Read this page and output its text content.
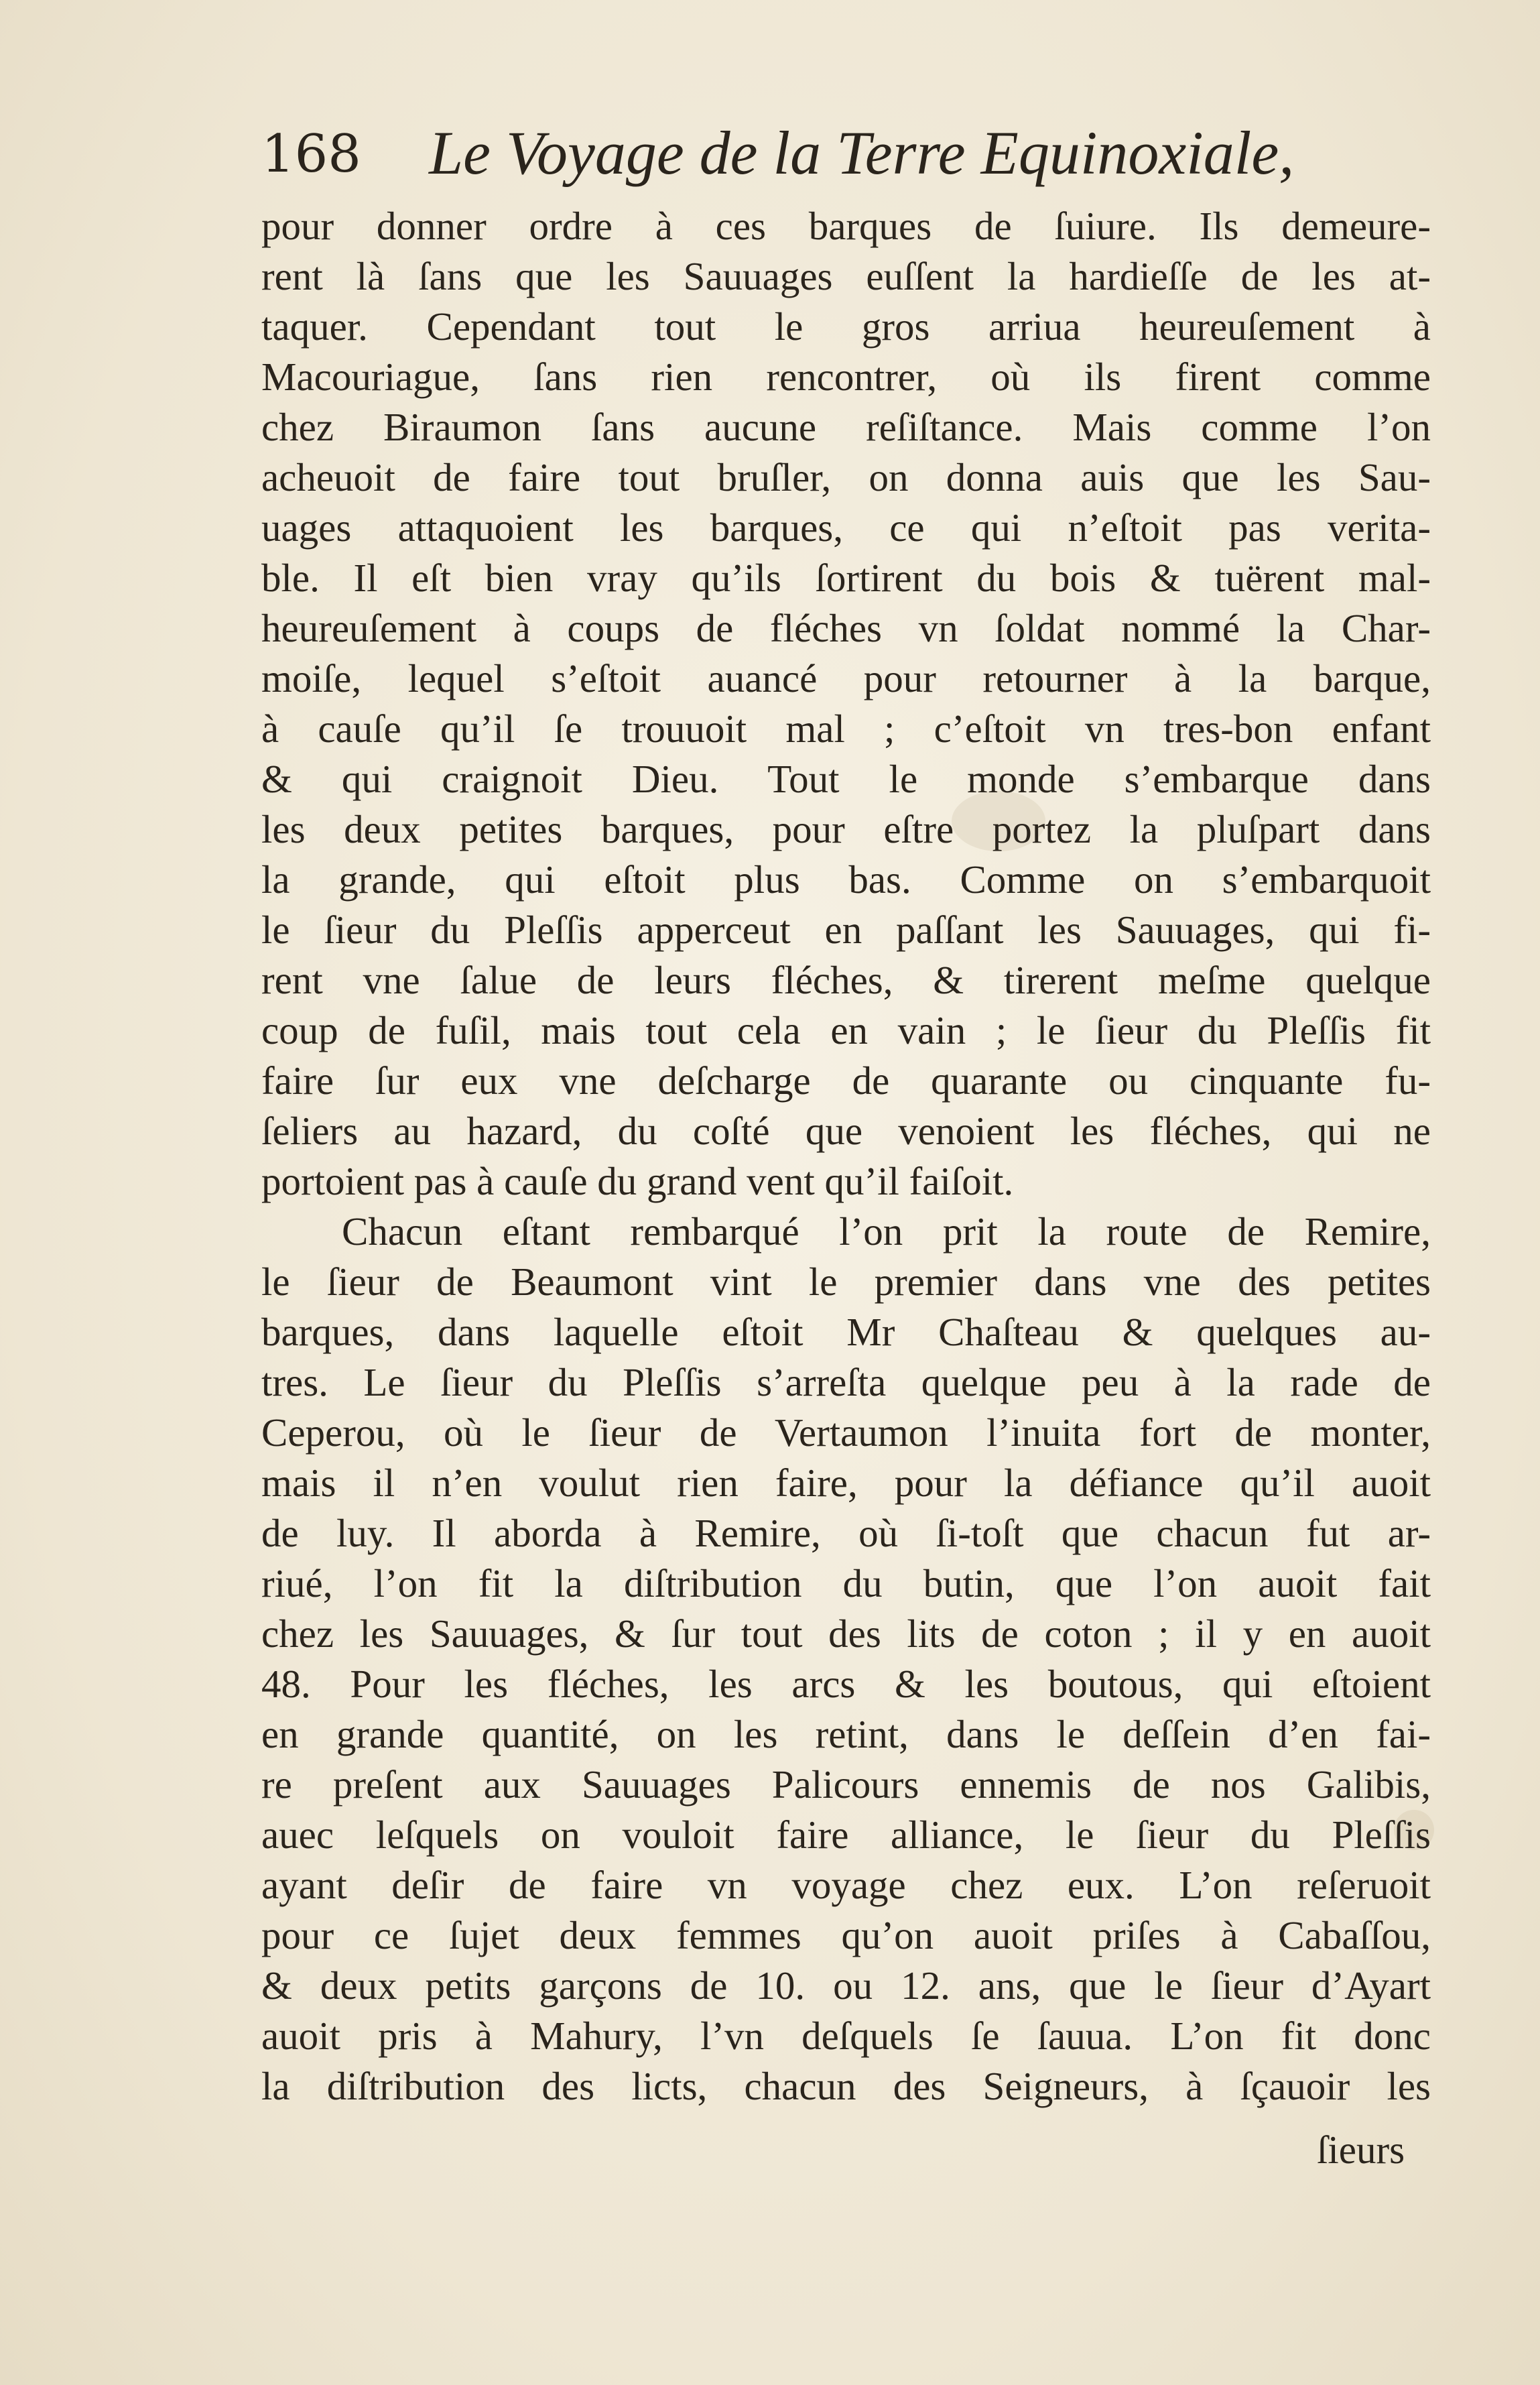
168 Le Voyage de la Terre Equinoxiale,
pour donner ordre à ces barques de ſuiure. Ils demeure-
rent là ſans que les Sauuages euſſent la hardieſſe de les at-
taquer. Cependant tout le gros arriua heureuſement à
Macouriague, ſans rien rencontrer, où ils firent comme
chez Biraumon ſans aucune reſiſtance. Mais comme l’on
acheuoit de faire tout bruſler, on donna auis que les Sau-
uages attaquoient les barques, ce qui n’eſtoit pas verita-
ble. Il eſt bien vray qu’ils ſortirent du bois & tuërent mal-
heureuſement à coups de fléches vn ſoldat nommé la Char-
moiſe, lequel s’eſtoit auancé pour retourner à la barque,
à cauſe qu’il ſe trouuoit mal ; c’eſtoit vn tres-bon enfant
& qui craignoit Dieu. Tout le monde s’embarque dans
les deux petites barques, pour eſtre portez la pluſpart dans
la grande, qui eſtoit plus bas. Comme on s’embarquoit
le ſieur du Pleſſis apperceut en paſſant les Sauuages, qui fi-
rent vne ſalue de leurs fléches, & tirerent meſme quelque
coup de fuſil, mais tout cela en vain ; le ſieur du Pleſſis fit
faire ſur eux vne deſcharge de quarante ou cinquante fu-
ſeliers au hazard, du coſté que venoient les fléches, qui ne
portoient pas à cauſe du grand vent qu’il faiſoit.
Chacun eſtant rembarqué l’on prit la route de Remire,
le ſieur de Beaumont vint le premier dans vne des petites
barques, dans laquelle eſtoit Mr Chaſteau & quelques au-
tres. Le ſieur du Pleſſis s’arreſta quelque peu à la rade de
Ceperou, où le ſieur de Vertaumon l’inuita fort de monter,
mais il n’en voulut rien faire, pour la défiance qu’il auoit
de luy. Il aborda à Remire, où ſi-toſt que chacun fut ar-
riué, l’on fit la diſtribution du butin, que l’on auoit fait
chez les Sauuages, & ſur tout des lits de coton ; il y en auoit
48. Pour les fléches, les arcs & les boutous, qui eſtoient
en grande quantité, on les retint, dans le deſſein d’en fai-
re preſent aux Sauuages Palicours ennemis de nos Galibis,
auec leſquels on vouloit faire alliance, le ſieur du Pleſſis
ayant deſir de faire vn voyage chez eux. L’on reſeruoit
pour ce ſujet deux femmes qu’on auoit priſes à Cabaſſou,
& deux petits garçons de 10. ou 12. ans, que le ſieur d’Ayart
auoit pris à Mahury, l’vn deſquels ſe ſauua. L’on fit donc
la diſtribution des licts, chacun des Seigneurs, à ſçauoir les
ſieurs
